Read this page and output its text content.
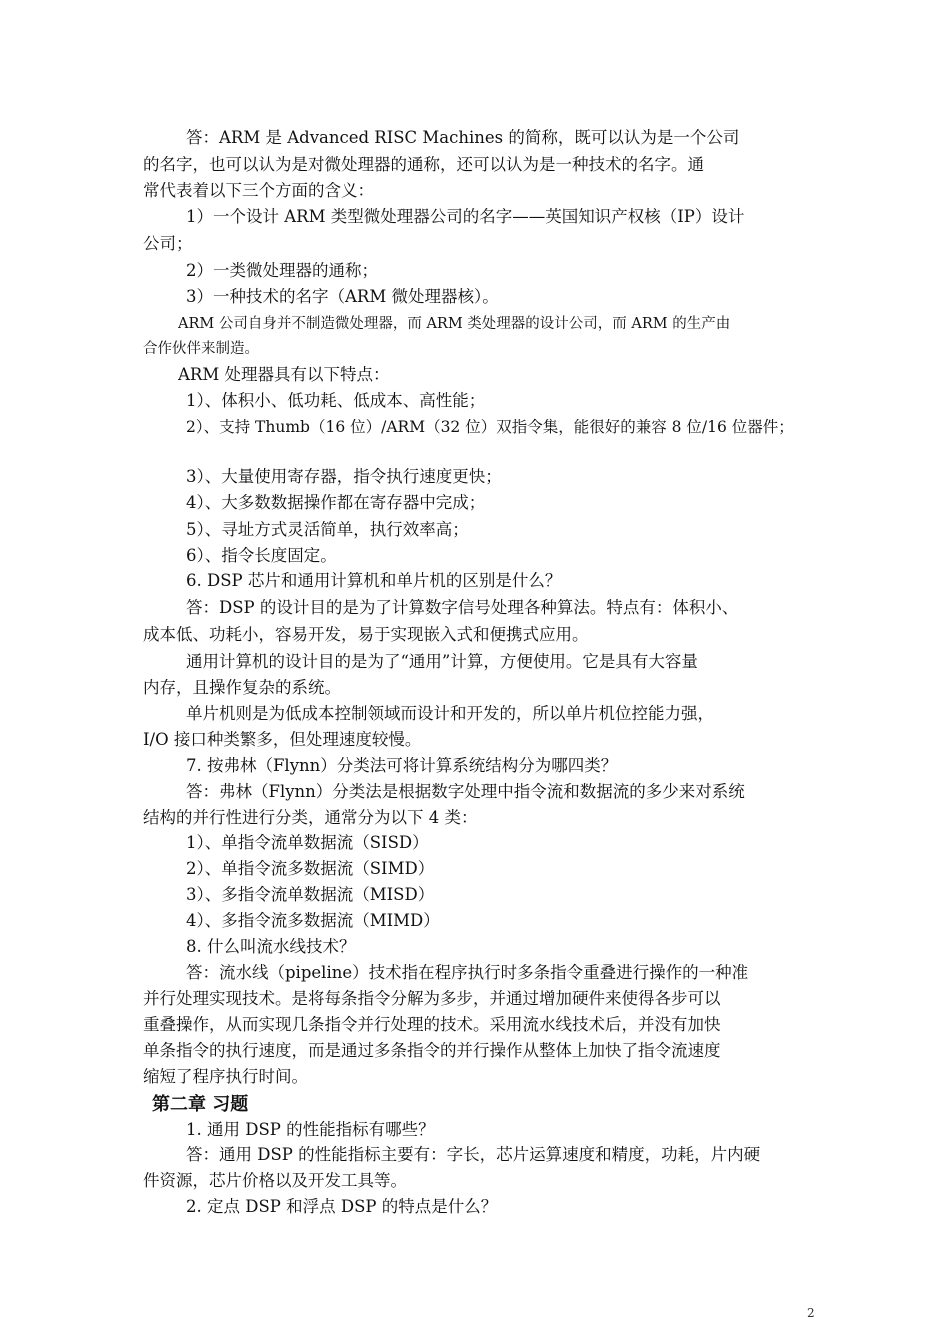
答：ARM 是 Advanced RISC Machines 的简称，既可以认为是一个公司
的名字，也可以认为是对微处理器的通称，还可以认为是一种技术的名字。通
常代表着以下三个方面的含义：
1）一个设计 ARM 类型微处理器公司的名字——英国知识产权核（IP）设计
公司；
2）一类微处理器的通称；
3）一种技术的名字（ARM 微处理器核）。
ARM 公司自身并不制造微处理器，而 ARM 类处理器的设计公司，而 ARM 的生产由
合作伙伴来制造。
ARM 处理器具有以下特点：
1）、体积小、低功耗、低成本、高性能；
2）、支持 Thumb（16 位）/ARM（32 位）双指令集，能很好的兼容 8 位/16 位器件；
3）、大量使用寄存器，指令执行速度更快；
4）、大多数数据操作都在寄存器中完成；
5）、寻址方式灵活简单，执行效率高；
6）、指令长度固定。
6. DSP 芯片和通用计算机和单片机的区别是什么？
答：DSP 的设计目的是为了计算数字信号处理各种算法。特点有：体积小、
成本低、功耗小，容易开发，易于实现嵌入式和便携式应用。
通用计算机的设计目的是为了“通用”计算，方便使用。它是具有大容量
内存，且操作复杂的系统。
单片机则是为低成本控制领域而设计和开发的，所以单片机位控能力强，
I/O 接口种类繁多，但处理速度较慢。
7. 按弗林（Flynn）分类法可将计算系统结构分为哪四类？
答：弗林（Flynn）分类法是根据数字处理中指令流和数据流的多少来对系统
结构的并行性进行分类，通常分为以下 4 类：
1）、单指令流单数据流（SISD）
2）、单指令流多数据流（SIMD）
3）、多指令流单数据流（MISD）
4）、多指令流多数据流（MIMD）
8. 什么叫流水线技术？
答：流水线（pipeline）技术指在程序执行时多条指令重叠进行操作的一种准
并行处理实现技术。是将每条指令分解为多步，并通过增加硬件来使得各步可以
重叠操作，从而实现几条指令并行处理的技术。采用流水线技术后，并没有加快
单条指令的执行速度，而是通过多条指令的并行操作从整体上加快了指令流速度
缩短了程序执行时间。
第二章 习题
1. 通用 DSP 的性能指标有哪些？
答：通用 DSP 的性能指标主要有：字长，芯片运算速度和精度，功耗，片内硬
件资源，芯片价格以及开发工具等。
2. 定点 DSP 和浮点 DSP 的特点是什么？
2
